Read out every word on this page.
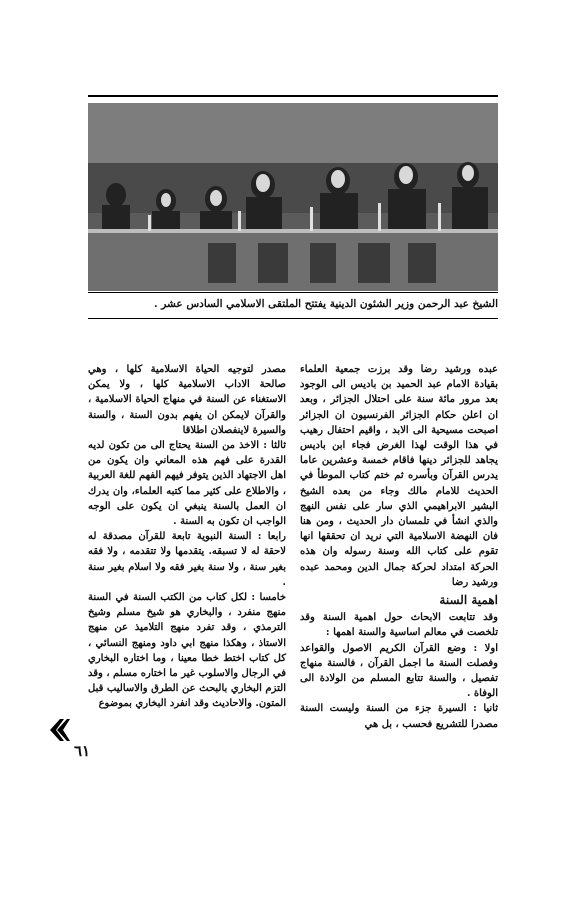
الشيخ عبد الرحمن وزير الشئون الدينية يفتتح الملتقى الاسلامي السادس عشر .

عبده ورشيد رضا وقد برزت جمعية العلماء بقيادة الامام عبد الحميد بن باديس الى الوجود بعد مرور مائة سنة على احتلال الجزائر ، وبعد ان اعلن حكام الجزائر الفرنسيون ان الجزائر اصبحت مسيحية الى الابد ، واقيم احتفال رهيب في هذا الوقت لهذا الغرض فجاء ابن باديس يجاهد للجزائر دينها فاقام خمسة وعشرين عاما يدرس القرآن وبأسره ثم ختم كتاب الموطأ في الحديث للامام مالك وجاء من بعده الشيخ البشير الابراهيمي الذي سار على نفس النهج والذي انشأ في تلمسان دار الحديث ، ومن هنا فان النهضة الاسلامية التي نريد ان تحققها انها تقوم على كتاب الله وسنة رسوله وان هذه الحركة امتداد لحركة جمال الدين ومحمد عبده ورشيد رضا

اهمية السنة

وقد تتابعت الابحاث حول اهمية السنة وقد تلخصت في معالم اساسية والسنة اهمها :

اولا : وضع القرآن الكريم الاصول والقواعد وفصلت السنة ما اجمل القرآن ، فالسنة منهاج تفصيل ، والسنة تتابع المسلم من الولادة الى الوفاة .

ثانيا : السيرة جزء من السنة وليست السنة مصدرا للتشريع فحسب ، بل هي

مصدر لتوجيه الحياة الاسلامية كلها ، وهي صالحة الاداب الاسلامية كلها ، ولا يمكن الاستغناء عن السنة في منهاج الحياة الاسلامية ، والقرآن لايمكن ان يفهم بدون السنة ، والسنة والسيرة لاينفصلان اطلاقا

ثالثا : الاخذ من السنة يحتاج الى من تكون لديه القدرة على فهم هذه المعاني وان يكون من اهل الاجتهاد الذين يتوفر فيهم الفهم للغة العربية ، والاطلاع على كثير مما كتبه العلماء، وان يدرك ان العمل بالسنة ينبغي ان يكون على الوجه الواجب ان تكون به السنة .

رابعا : السنة النبوية تابعة للقرآن مصدقة له لاحقة له لا تسبقه. يتقدمها ولا تتقدمه ، ولا فقه بغير سنة ، ولا سنة بغير فقه ولا اسلام بغير سنة .

خامسا : لكل كتاب من الكتب السنة في السنة منهج منفرد ، والبخاري هو شيخ مسلم وشيخ الترمذي ، وقد تفرد منهج التلاميذ عن منهج الاستاذ ، وهكذا منهج ابي داود ومنهج النسائي ، كل كتاب اختط خطا معينا ، وما اختاره البخاري في الرجال والاسلوب غير ما اختاره مسلم ، وقد التزم البخاري بالبحث عن الطرق والاساليب قبل المتون. والاحاديث وقد انفرد البخاري بموضوع

٦١
